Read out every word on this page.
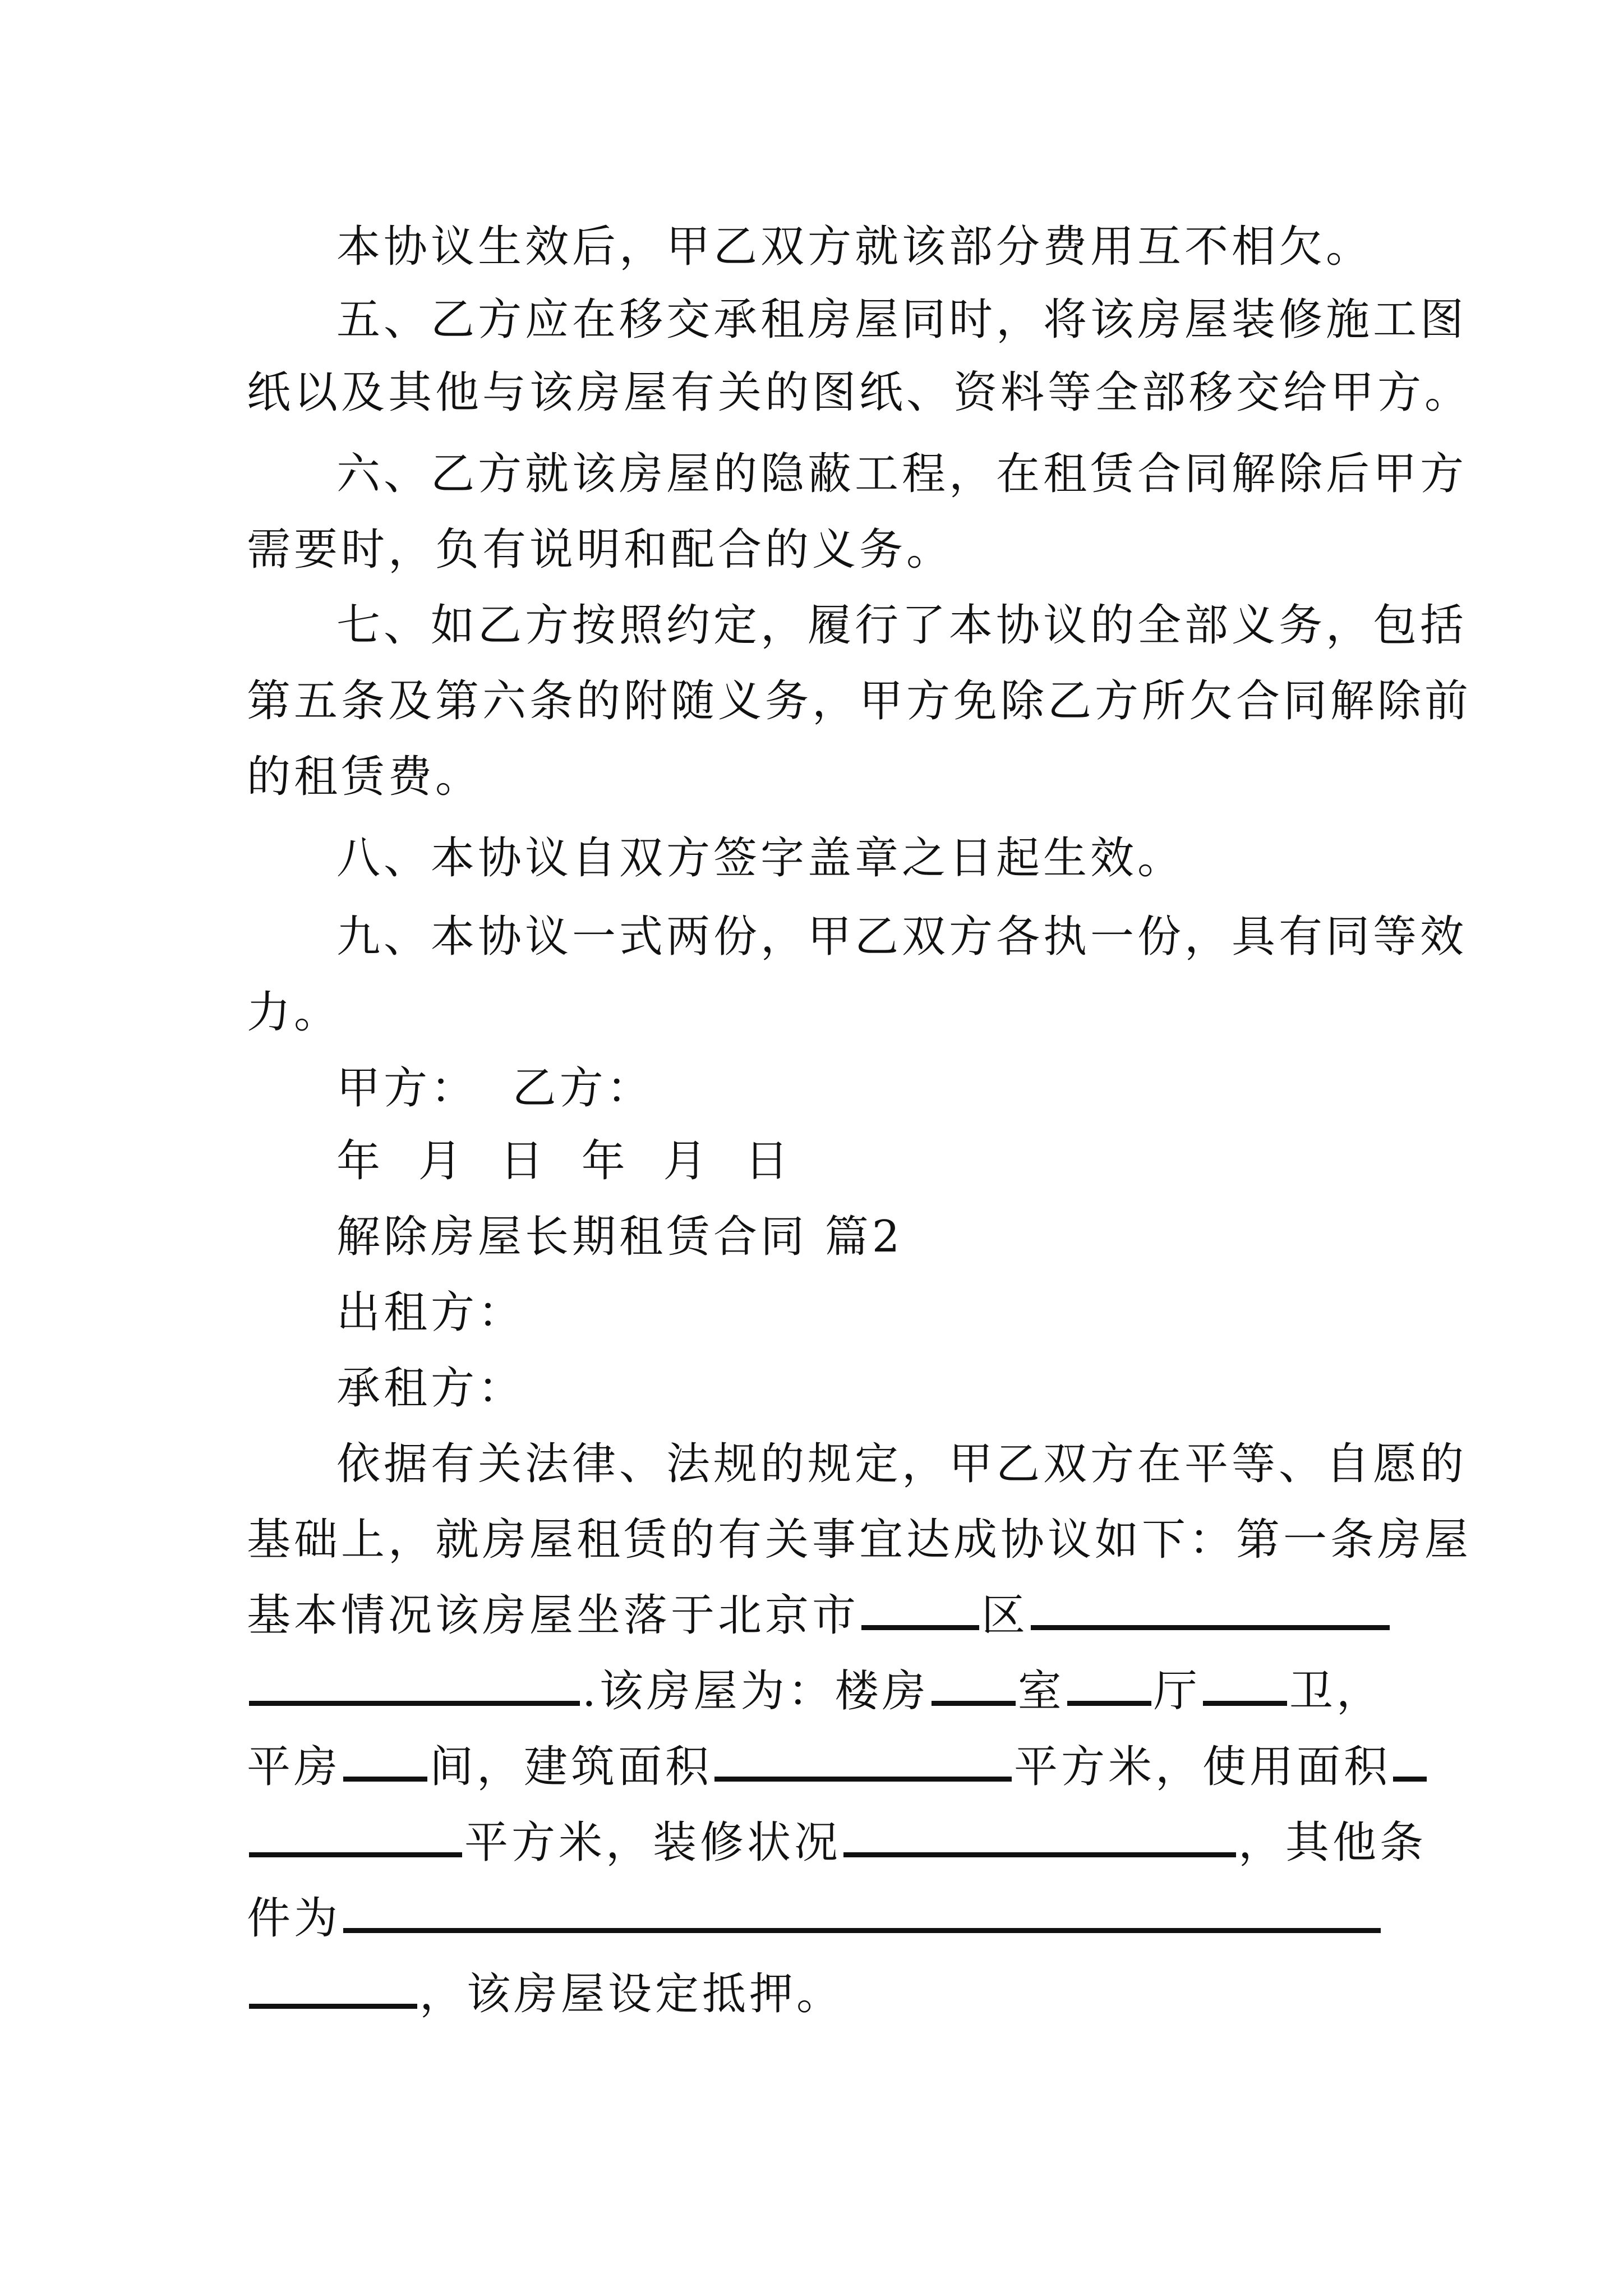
本协议生效后，甲乙双方就该部分费用互不相欠。
五、乙方应在移交承租房屋同时，将该房屋装修施工图
纸以及其他与该房屋有关的图纸、资料等全部移交给甲方。
六、乙方就该房屋的隐蔽工程，在租赁合同解除后甲方
需要时，负有说明和配合的义务。
七、如乙方按照约定，履行了本协议的全部义务，包括
第五条及第六条的附随义务，甲方免除乙方所欠合同解除前
的租赁费。
八、本协议自双方签字盖章之日起生效。
九、本协议一式两份，甲乙双方各执一份，具有同等效
力。
甲方：  乙方：
年  月  日  年  月  日
解除房屋长期租赁合同 篇2
出租方：
承租方：
依据有关法律、法规的规定，甲乙双方在平等、自愿的
基础上，就房屋租赁的有关事宜达成协议如下：第一条房屋
基本情况该房屋坐落于北京市	区
.该房屋为：楼房 室 厅 卫，
平房 间，建筑面积	平方米，使用面积
平方米，装修状况	，其他条
件为
，该房屋设定抵押。
